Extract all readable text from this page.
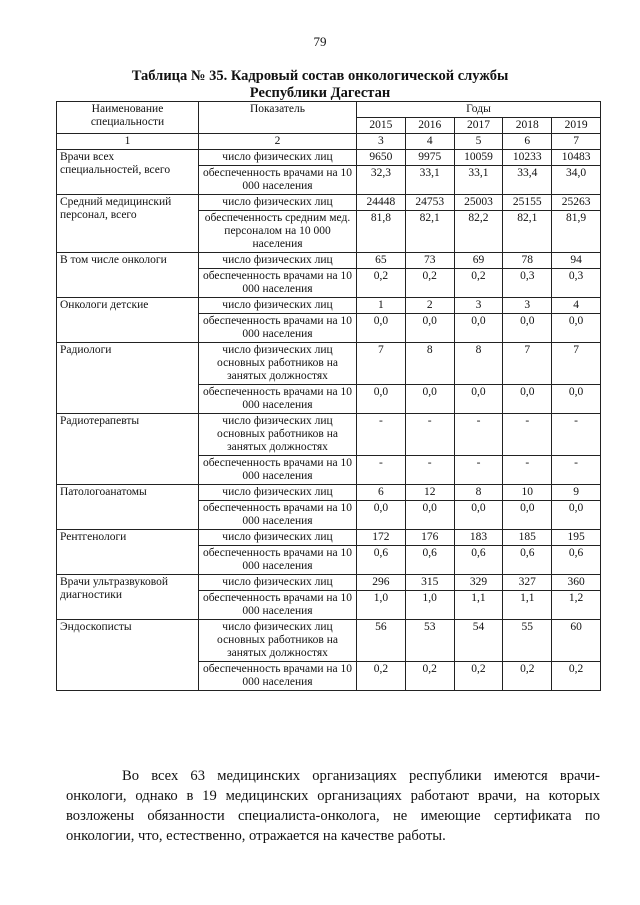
79
Таблица № 35. Кадровый состав онкологической службы
Республики Дагестан
Наименование специальности	Показатель	Годы				
		2015	2016	2017	2018	2019
1	2	3	4	5	6	7
Врачи всех специальностей, всего	число физических лиц	9650	9975	10059	10233	10483
	обеспеченность врачами на 10 000 населения	32,3	33,1	33,1	33,4	34,0
Средний медицинский персонал, всего	число физических лиц	24448	24753	25003	25155	25263
	обеспеченность средним мед. персоналом на 10 000 населения	81,8	82,1	82,2	82,1	81,9
В том числе онкологи	число физических лиц	65	73	69	78	94
	обеспеченность врачами на 10 000 населения	0,2	0,2	0,2	0,3	0,3
Онкологи детские	число физических лиц	1	2	3	3	4
	обеспеченность врачами на 10 000 населения	0,0	0,0	0,0	0,0	0,0
Радиологи	число физических лиц основных работников на занятых должностях	7	8	8	7	7
	обеспеченность врачами на 10 000 населения	0,0	0,0	0,0	0,0	0,0
Радиотерапевты	число физических лиц основных работников на занятых должностях	-	-	-	-	-
	обеспеченность врачами на 10 000 населения	-	-	-	-	-
Патологоанатомы	число физических лиц	6	12	8	10	9
	обеспеченность врачами на 10 000 населения	0,0	0,0	0,0	0,0	0,0
Рентгенологи	число физических лиц	172	176	183	185	195
	обеспеченность врачами на 10 000 населения	0,6	0,6	0,6	0,6	0,6
Врачи ультразвуковой диагностики	число физических лиц	296	315	329	327	360
	обеспеченность врачами на 10 000 населения	1,0	1,0	1,1	1,1	1,2
Эндоскописты	число физических лиц основных работников на занятых должностях	56	53	54	55	60
	обеспеченность врачами на 10 000 населения	0,2	0,2	0,2	0,2	0,2

Во всех 63 медицинских организациях республики имеются врачи-онкологи, однако в 19 медицинских организациях работают врачи, на которых возложены обязанности специалиста-онколога, не имеющие сертификата по онкологии, что, естественно, отражается на качестве работы.
